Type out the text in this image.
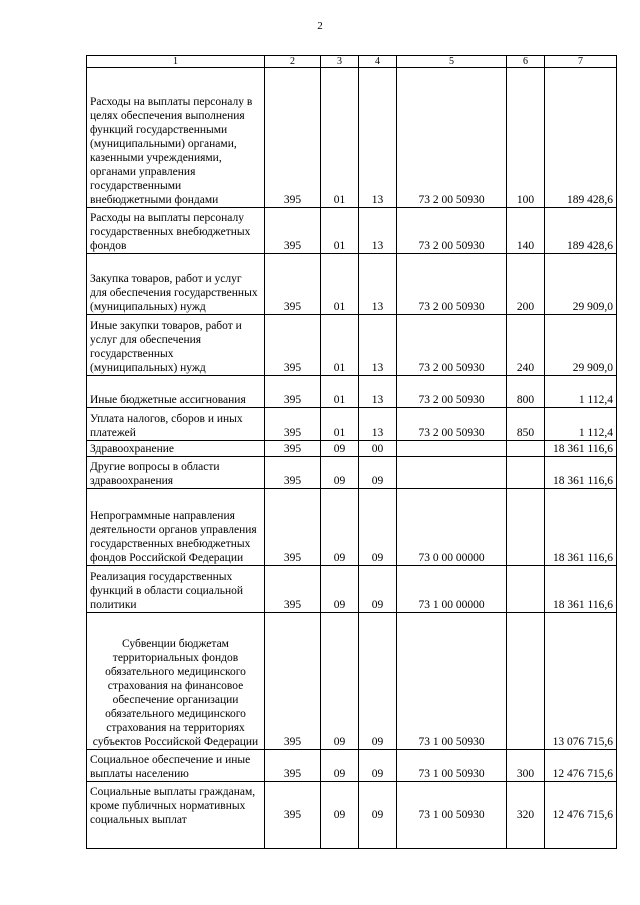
2
1	2	3	4	5	6	7
Расходы на выплаты персоналу в целях обеспечения выполнения функций государственными (муниципальными) органами, казенными учреждениями, органами управления государственными внебюджетными фондами	395	01	13	73 2 00 50930	100	189 428,6
Расходы на выплаты персоналу государственных внебюджетных фондов	395	01	13	73 2 00 50930	140	189 428,6
Закупка товаров, работ и услуг для обеспечения государственных (муниципальных) нужд	395	01	13	73 2 00 50930	200	29 909,0
Иные закупки товаров, работ и услуг для обеспечения государственных (муниципальных) нужд	395	01	13	73 2 00 50930	240	29 909,0
Иные бюджетные ассигнования	395	01	13	73 2 00 50930	800	1 112,4
Уплата налогов, сборов и иных платежей	395	01	13	73 2 00 50930	850	1 112,4
Здравоохранение	395	09	00			18 361 116,6
Другие вопросы в области здравоохранения	395	09	09			18 361 116,6
Непрограммные направления деятельности органов управления государственных внебюджетных фондов Российской Федерации	395	09	09	73 0 00 00000		18 361 116,6
Реализация государственных функций в области социальной политики	395	09	09	73 1 00 00000		18 361 116,6
Субвенции бюджетам территориальных фондов обязательного медицинского страхования на финансовое обеспечение организации обязательного медицинского страхования на территориях субъектов Российской Федерации	395	09	09	73 1 00 50930		13 076 715,6
Социальное обеспечение и иные выплаты населению	395	09	09	73 1 00 50930	300	12 476 715,6
Социальные выплаты гражданам, кроме публичных нормативных социальных выплат	395	09	09	73 1 00 50930	320	12 476 715,6
